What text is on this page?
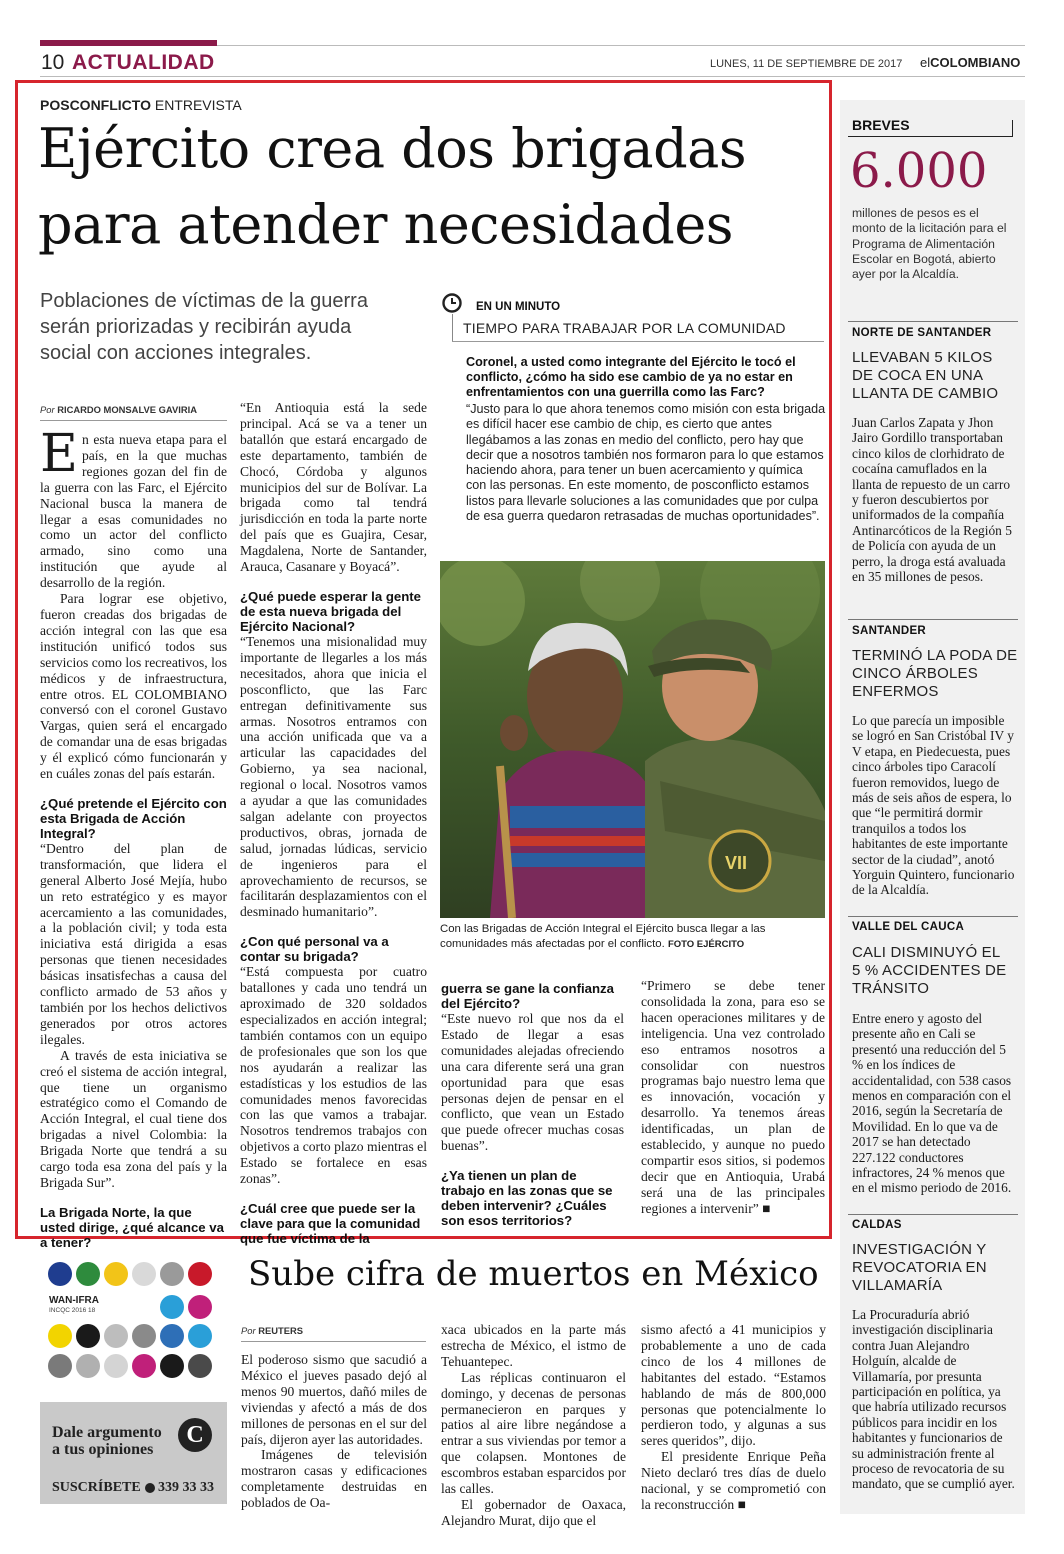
10 ACTUALIDAD	LUNES, 11 DE SEPTIEMBRE DE 2017 elCOLOMBIANO
POSCONFLICTO ENTREVISTA
Ejército crea dos brigadas
para atender necesidades
Poblaciones de víctimas de la guerra
serán priorizadas y recibirán ayuda
social con acciones integrales.
EN UN MINUTO
TIEMPO PARA TRABAJAR POR LA COMUNIDAD
Coronel, a usted como integrante del Ejército le tocó el conflicto, ¿cómo ha sido ese cambio de ya no estar en enfrentamientos con una guerrilla como las Farc?
“Justo para lo que ahora tenemos como misión con esta brigada es difícil hacer ese cambio de chip, es cierto que antes llegábamos a las zonas en medio del conflicto, pero hay que decir que a nosotros también nos formaron para lo que estamos haciendo ahora, para tener un buen acercamiento y química con las personas. En este momento, de posconflicto estamos listos para llevarle soluciones a las comunidades que por culpa de esa guerra quedaron retrasadas de muchas oportunidades”.
VII
Con las Brigadas de Acción Integral el Ejército busca llegar a las comunidades más afectadas por el conflicto. FOTO EJÉRCITO
Por RICARDO MONSALVE GAVIRIA

En esta nueva etapa para el país, en la que muchas regiones gozan del fin de la guerra con las Farc, el Ejército Nacional busca la manera de llegar a esas comunidades no como un actor del conflicto armado, sino como una institución que ayude al desarrollo de la región.

Para lograr ese objetivo, fueron creadas dos brigadas de acción integral con las que esa institución unificó todos sus servicios como los recreativos, los médicos y de infraestructura, entre otros. EL COLOMBIANO conversó con el coronel Gustavo Vargas, quien será el encargado de comandar una de esas brigadas y él explicó cómo funcionarán y en cuáles zonas del país estarán.

¿Qué pretende el Ejército con esta Brigada de Acción Integral?

“Dentro del plan de transformación, que lidera el general Alberto José Mejía, hubo un reto estratégico y es mayor acercamiento a las comunidades, a la población civil; y toda esta iniciativa está dirigida a esas personas que tienen necesidades básicas insatisfechas a causa del conflicto armado de 53 años y también por los hechos delictivos generados por otros actores ilegales.

A través de esta iniciativa se creó el sistema de acción integral, que tiene un organismo estratégico como el Comando de Acción Integral, el cual tiene dos brigadas a nivel Colombia: la Brigada Norte que tendrá a su cargo toda esa zona del país y la Brigada Sur”.

La Brigada Norte, la que usted dirige, ¿qué alcance va a tener?

“En Antioquia está la sede principal. Acá se va a tener un batallón que estará encargado de este departamento, también de Chocó, Córdoba y algunos municipios del sur de Bolívar. La brigada como tal tendrá jurisdicción en toda la parte norte del país que es Guajira, Cesar, Magdalena, Norte de Santander, Arauca, Casanare y Boyacá”.

¿Qué puede esperar la gente de esta nueva brigada del Ejército Nacional?

“Tenemos una misionalidad muy importante de llegarles a los más necesitados, ahora que inicia el posconflicto, que las Farc entregan definitivamente sus armas. Nosotros entramos con una acción unificada que va a articular las capacidades del Gobierno, ya sea nacional, regional o local. Nosotros vamos a ayudar a que las comunidades salgan adelante con proyectos productivos, obras, jornada de salud, jornadas lúdicas, servicio de ingenieros para el aprovechamiento de recursos, se facilitarán desplazamientos con el desminado humanitario”.

¿Con qué personal va a contar su brigada?

“Está compuesta por cuatro batallones y cada uno tendrá un aproximado de 320 soldados especializados en acción integral; también contamos con un equipo de profesionales que son los que nos ayudarán a realizar las estadísticas y los estudios de las comunidades menos favorecidas con las que vamos a trabajar. Nosotros tendremos trabajos con objetivos a corto plazo mientras el Estado se fortalece en esas zonas”.

¿Cuál cree que puede ser la clave para que la comunidad que fue víctima de la

guerra se gane la confianza del Ejército?

“Este nuevo rol que nos da el Estado de llegar a esas comunidades alejadas ofreciendo una cara diferente será una gran oportunidad para que esas personas dejen de pensar en el conflicto, que vean un Estado que puede ofrecer muchas cosas buenas”.

¿Ya tienen un plan de trabajo en las zonas que se deben intervenir? ¿Cuáles son esos territorios?

“Primero se debe tener consolidada la zona, para eso se hacen operaciones militares y de inteligencia. Una vez controlado eso entramos nosotros a consolidar con nuestros programas bajo nuestro lema que es innovación, vocación y desarrollo. Ya tenemos áreas identificadas, un plan de establecido, y aunque no puedo compartir esos sitios, si podemos decir que en Antioquia, Urabá será una de las principales regiones a intervenir” ■

BREVES
6.000
millones de pesos es el monto de la licitación para el Programa de Alimentación Escolar en Bogotá, abierto ayer por la Alcaldía.
NORTE DE SANTANDER
LLEVABAN 5 KILOS DE COCA EN UNA LLANTA DE CAMBIO
Juan Carlos Zapata y Jhon Jairo Gordillo transportaban cinco kilos de clorhidrato de cocaína camuflados en la llanta de repuesto de un carro y fueron descubiertos por uniformados de la compañía Antinarcóticos de la Región 5 de Policía con ayuda de un perro, la droga está avaluada en 35 millones de pesos.
SANTANDER
TERMINÓ LA PODA DE CINCO ÁRBOLES ENFERMOS
Lo que parecía un imposible se logró en San Cristóbal IV y V etapa, en Piedecuesta, pues cinco árboles tipo Caracolí fueron removidos, luego de más de seis años de espera, lo que “le permitirá dormir tranquilos a todos los habitantes de este importante sector de la ciudad”, anotó Yorguin Quintero, funcionario de la Alcaldía.
VALLE DEL CAUCA
CALI DISMINUYÓ EL 5 % ACCIDENTES DE TRÁNSITO
Entre enero y agosto del presente año en Cali se presentó una reducción del 5 % en los índices de accidentalidad, con 538 casos menos en comparación con el 2016, según la Secretaría de Movilidad. En lo que va de 2017 se han detectado 227.122 conductores infractores, 24 % menos que en el mismo periodo de 2016.
CALDAS
INVESTIGACIÓN Y REVOCATORIA EN VILLAMARÍA
La Procuraduría abrió investigación disciplinaria contra Juan Alejandro Holguín, alcalde de Villamaría, por presunta participación en política, ya que habría utilizado recursos públicos para incidir en los habitantes y funcionarios de su administración frente al proceso de revocatoria de su mandato, que se cumplió ayer.
WAN-IFRA
INCQC 2016 18
Dale argumento
a tus opiniones
C
SUSCRÍBETE 339 33 33
Sube cifra de muertos en México
Por REUTERS

El poderoso sismo que sacudió a México el jueves pasado dejó al menos 90 muertos, dañó miles de viviendas y afectó a más de dos millones de personas en el sur del país, dijeron ayer las autoridades.

Imágenes de televisión mostraron casas y edificaciones completamente destruidas en poblados de Oa-

xaca ubicados en la parte más estrecha de México, el istmo de Tehuantepec.

Las réplicas continuaron el domingo, y decenas de personas permanecieron en parques y patios al aire libre negándose a entrar a sus viviendas por temor a que colapsen. Montones de escombros estaban esparcidos por las calles.

El gobernador de Oaxaca, Alejandro Murat, dijo que el

sismo afectó a 41 municipios y probablemente a uno de cada cinco de los 4 millones de habitantes del estado. “Estamos hablando de más de 800,000 personas que potencialmente lo perdieron todo, y algunas a sus seres queridos”, dijo.

El presidente Enrique Peña Nieto declaró tres días de duelo nacional, y se comprometió con la reconstrucción ■
